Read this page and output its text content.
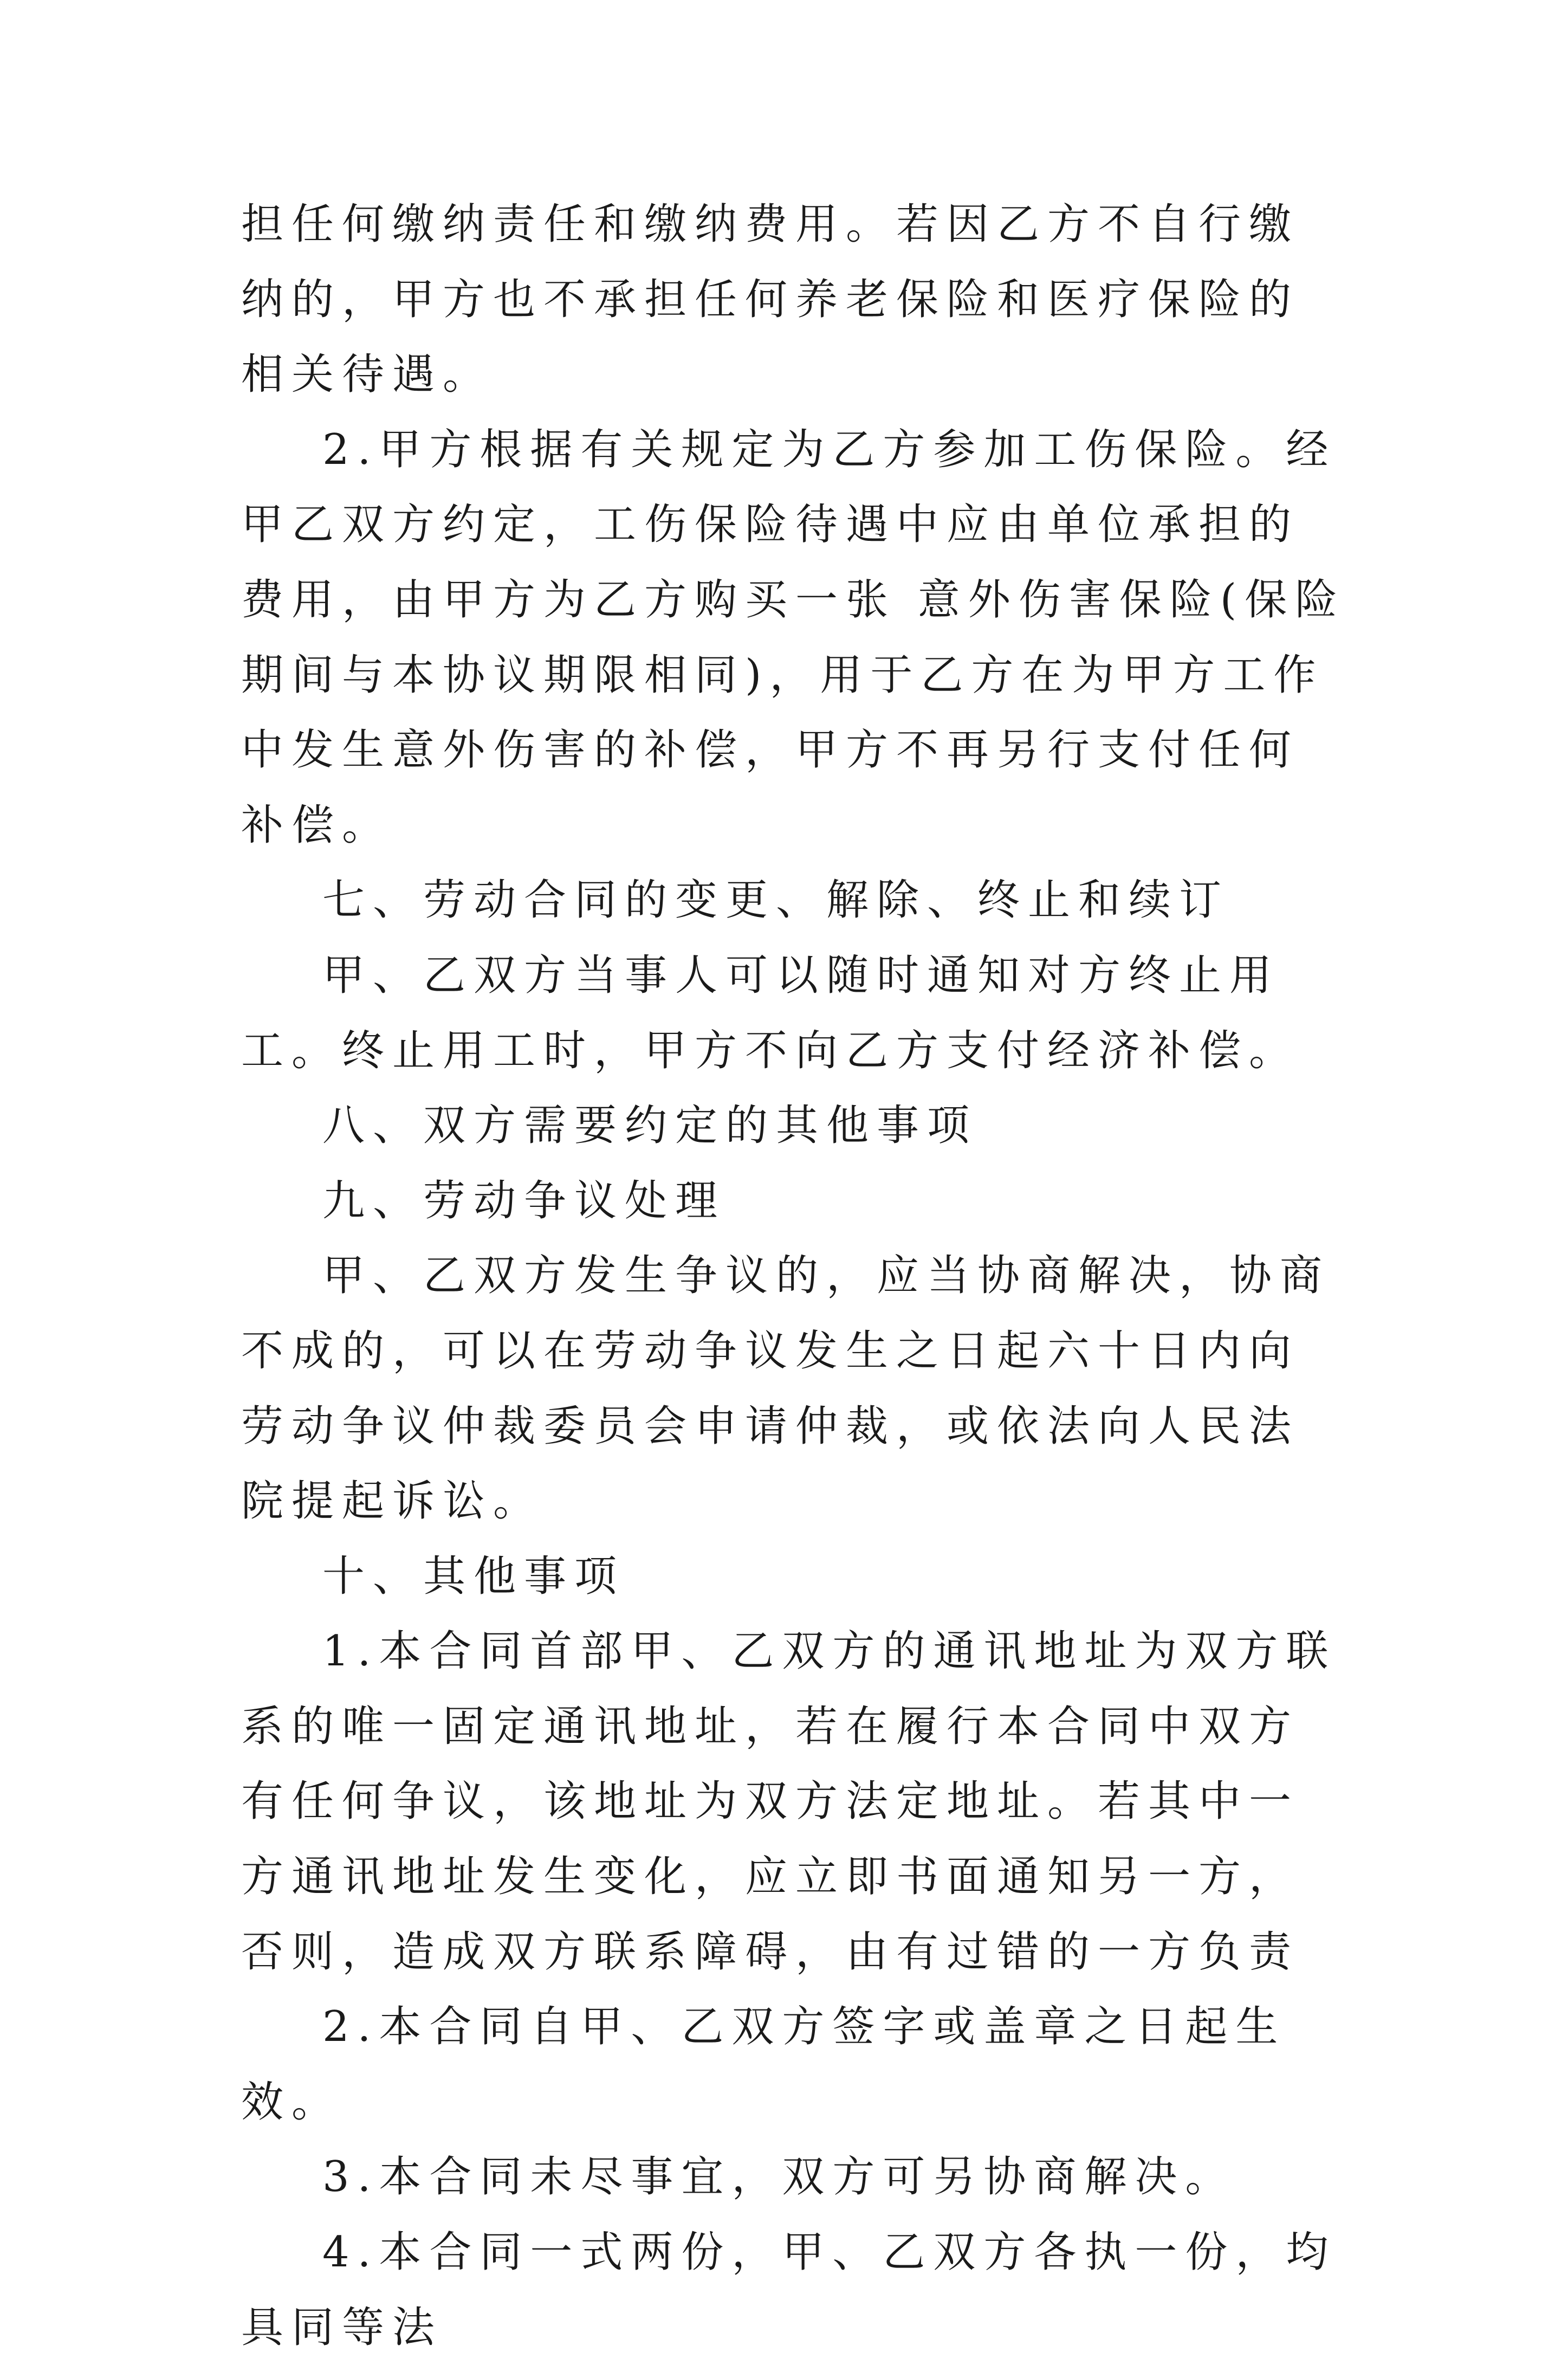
担任何缴纳责任和缴纳费用。若因乙方不自行缴纳的，甲方也不承担任何养老保险和医疗保险的相关待遇。

2.甲方根据有关规定为乙方参加工伤保险。经甲乙双方约定，工伤保险待遇中应由单位承担的费用，由甲方为乙方购买一张 意外伤害保险(保险期间与本协议期限相同)，用于乙方在为甲方工作中发生意外伤害的补偿，甲方不再另行支付任何补偿。

七、劳动合同的变更、解除、终止和续订

甲、乙双方当事人可以随时通知对方终止用工。终止用工时，甲方不向乙方支付经济补偿。

八、双方需要约定的其他事项

九、劳动争议处理

甲、乙双方发生争议的，应当协商解决，协商不成的，可以在劳动争议发生之日起六十日内向劳动争议仲裁委员会申请仲裁，或依法向人民法院提起诉讼。

十、其他事项

1.本合同首部甲、乙双方的通讯地址为双方联系的唯一固定通讯地址，若在履行本合同中双方有任何争议，该地址为双方法定地址。若其中一方通讯地址发生变化，应立即书面通知另一方，否则，造成双方联系障碍，由有过错的一方负责

2.本合同自甲、乙双方签字或盖章之日起生效。

3.本合同未尽事宜，双方可另协商解决。

4.本合同一式两份，甲、乙双方各执一份，均具同等法
